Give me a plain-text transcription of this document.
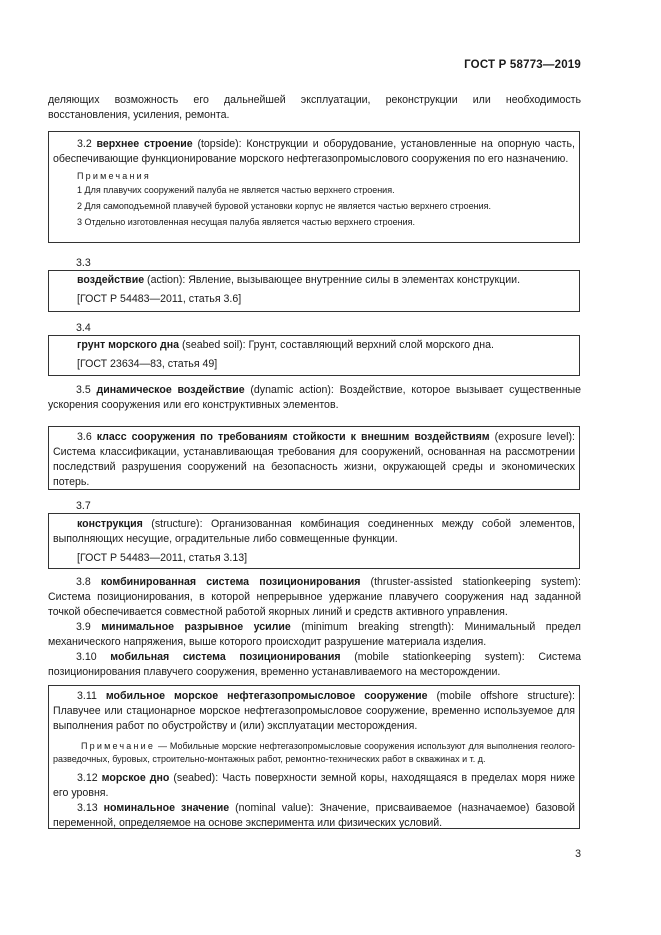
ГОСТ Р 58773—2019

деляющих возможность его дальнейшей эксплуатации, реконструкции или необходимость восстановления, усиления, ремонта.

3.2 верхнее строение (topside): Конструкции и оборудование, установленные на опорную часть, обеспечивающие функционирование морского нефтегазопромыслового сооружения по его назначению.

Примечания

1 Для плавучих сооружений палуба не является частью верхнего строения.

2 Для самоподъемной плавучей буровой установки корпус не является частью верхнего строения.

3 Отдельно изготовленная несущая палуба является частью верхнего строения.

3.3

воздействие (action): Явление, вызывающее внутренние силы в элементах конструкции.

[ГОСТ Р 54483—2011, статья 3.6]

3.4

грунт морского дна (seabed soil): Грунт, составляющий верхний слой морского дна.

[ГОСТ 23634—83, статья 49]

3.5 динамическое воздействие (dynamic action): Воздействие, которое вызывает существенные ускорения сооружения или его конструктивных элементов.

3.6 класс сооружения по требованиям стойкости к внешним воздействиям (exposure level): Система классификации, устанавливающая требования для сооружений, основанная на рассмотрении последствий разрушения сооружений на безопасность жизни, окружающей среды и экономических потерь.

3.7

конструкция (structure): Организованная комбинация соединенных между собой элементов, выполняющих несущие, оградительные либо совмещенные функции.

[ГОСТ Р 54483—2011, статья 3.13]

3.8 комбинированная система позиционирования (thruster-assisted stationkeeping system): Система позиционирования, в которой непрерывное удержание плавучего сооружения над заданной точкой обеспечивается совместной работой якорных линий и средств активного управления.

3.9 минимальное разрывное усилие (minimum breaking strength): Минимальный предел механического напряжения, выше которого происходит разрушение материала изделия.

3.10 мобильная система позиционирования (mobile stationkeeping system): Система позиционирования плавучего сооружения, временно устанавливаемого на месторождении.

3.11 мобильное морское нефтегазопромысловое сооружение (mobile offshore structure): Плавучее или стационарное морское нефтегазопромысловое сооружение, временно используемое для выполнения работ по обустройству и (или) эксплуатации месторождения.

Примечание — Мобильные морские нефтегазопромысловые сооружения используют для выполнения геолого-разведочных, буровых, строительно-монтажных работ, ремонтно-технических работ в скважинах и т. д.

3.12 морское дно (seabed): Часть поверхности земной коры, находящаяся в пределах моря ниже его уровня.

3.13 номинальное значение (nominal value): Значение, присваиваемое (назначаемое) базовой переменной, определяемое на основе эксперимента или физических условий.

3
